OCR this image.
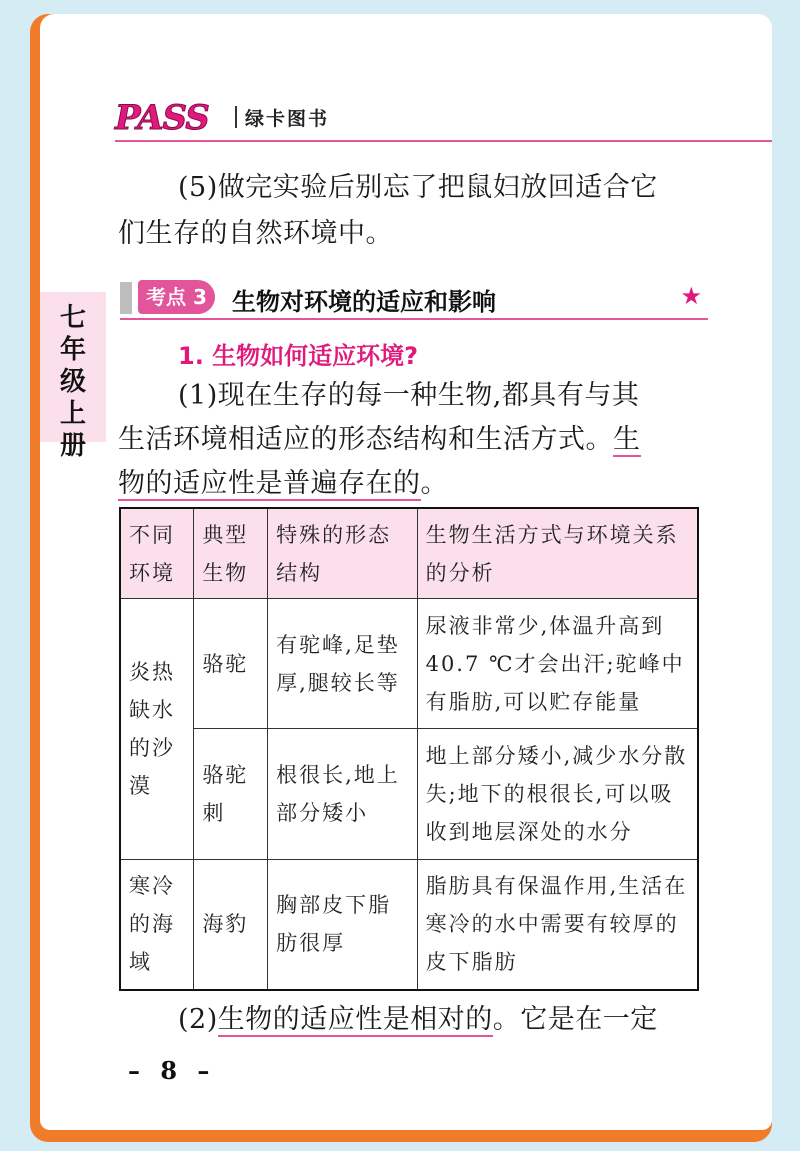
PASS 绿卡图书
七年级上册
(5)做完实验后别忘了把鼠妇放回适合它
们生存的自然环境中。
考点 3	生物对环境的适应和影响	★
1. 生物如何适应环境?
(1)现在生存的每一种生物,都具有与其
生活环境相适应的形态结构和生活方式。生
物的适应性是普遍存在的。
不同环境	典型生物	特殊的形态结构	生物生活方式与环境关系的分析
炎热缺水的沙漠	骆驼	有驼峰,足垫厚,腿较长等	尿液非常少,体温升高到40.7 ℃才会出汗;驼峰中有脂肪,可以贮存能量
	骆驼刺	根很长,地上部分矮小	地上部分矮小,减少水分散失;地下的根很长,可以吸收到地层深处的水分
寒冷的海域	海豹	胸部皮下脂肪很厚	脂肪具有保温作用,生活在寒冷的水中需要有较厚的皮下脂肪
(2)生物的适应性是相对的。它是在一定
– 8 –
